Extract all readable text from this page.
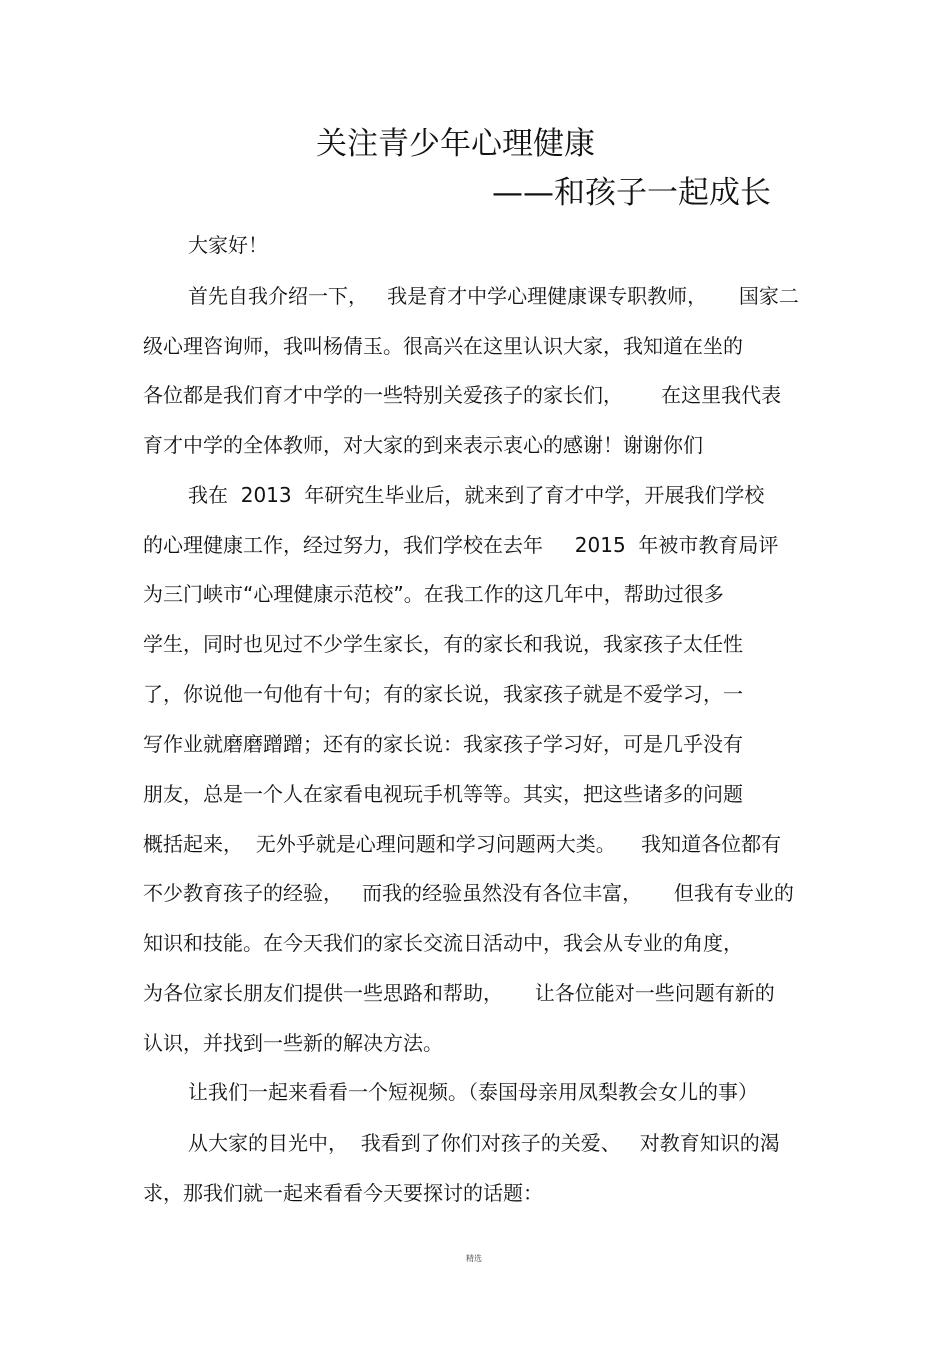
关注青少年心理健康
——和孩子一起成长
大家好！
首先自我介绍一下，   我是育才中学心理健康课专职教师，     国家二
级心理咨询师，我叫杨倩玉。很高兴在这里认识大家，我知道在坐的
各位都是我们育才中学的一些特别关爱孩子的家长们，      在这里我代表
育才中学的全体教师，对大家的到来表示衷心的感谢！谢谢你们
我在  2013  年研究生毕业后，就来到了育才中学，开展我们学校
的心理健康工作，经过努力，我们学校在去年     2015  年被市教育局评
为三门峡市“心理健康示范校”。在我工作的这几年中，帮助过很多
学生，同时也见过不少学生家长，有的家长和我说，我家孩子太任性
了，你说他一句他有十句；有的家长说，我家孩子就是不爱学习，一
写作业就磨磨蹭蹭；还有的家长说：我家孩子学习好，可是几乎没有
朋友，总是一个人在家看电视玩手机等等。其实，把这些诸多的问题
概括起来，  无外乎就是心理问题和学习问题两大类。    我知道各位都有
不少教育孩子的经验，   而我的经验虽然没有各位丰富，     但我有专业的
知识和技能。在今天我们的家长交流日活动中，我会从专业的角度，
为各位家长朋友们提供一些思路和帮助，     让各位能对一些问题有新的
认识，并找到一些新的解决方法。
让我们一起来看看一个短视频。（泰国母亲用凤梨教会女儿的事）
从大家的目光中，  我看到了你们对孩子的关爱、   对教育知识的渴
求，那我们就一起来看看今天要探讨的话题：
精选
